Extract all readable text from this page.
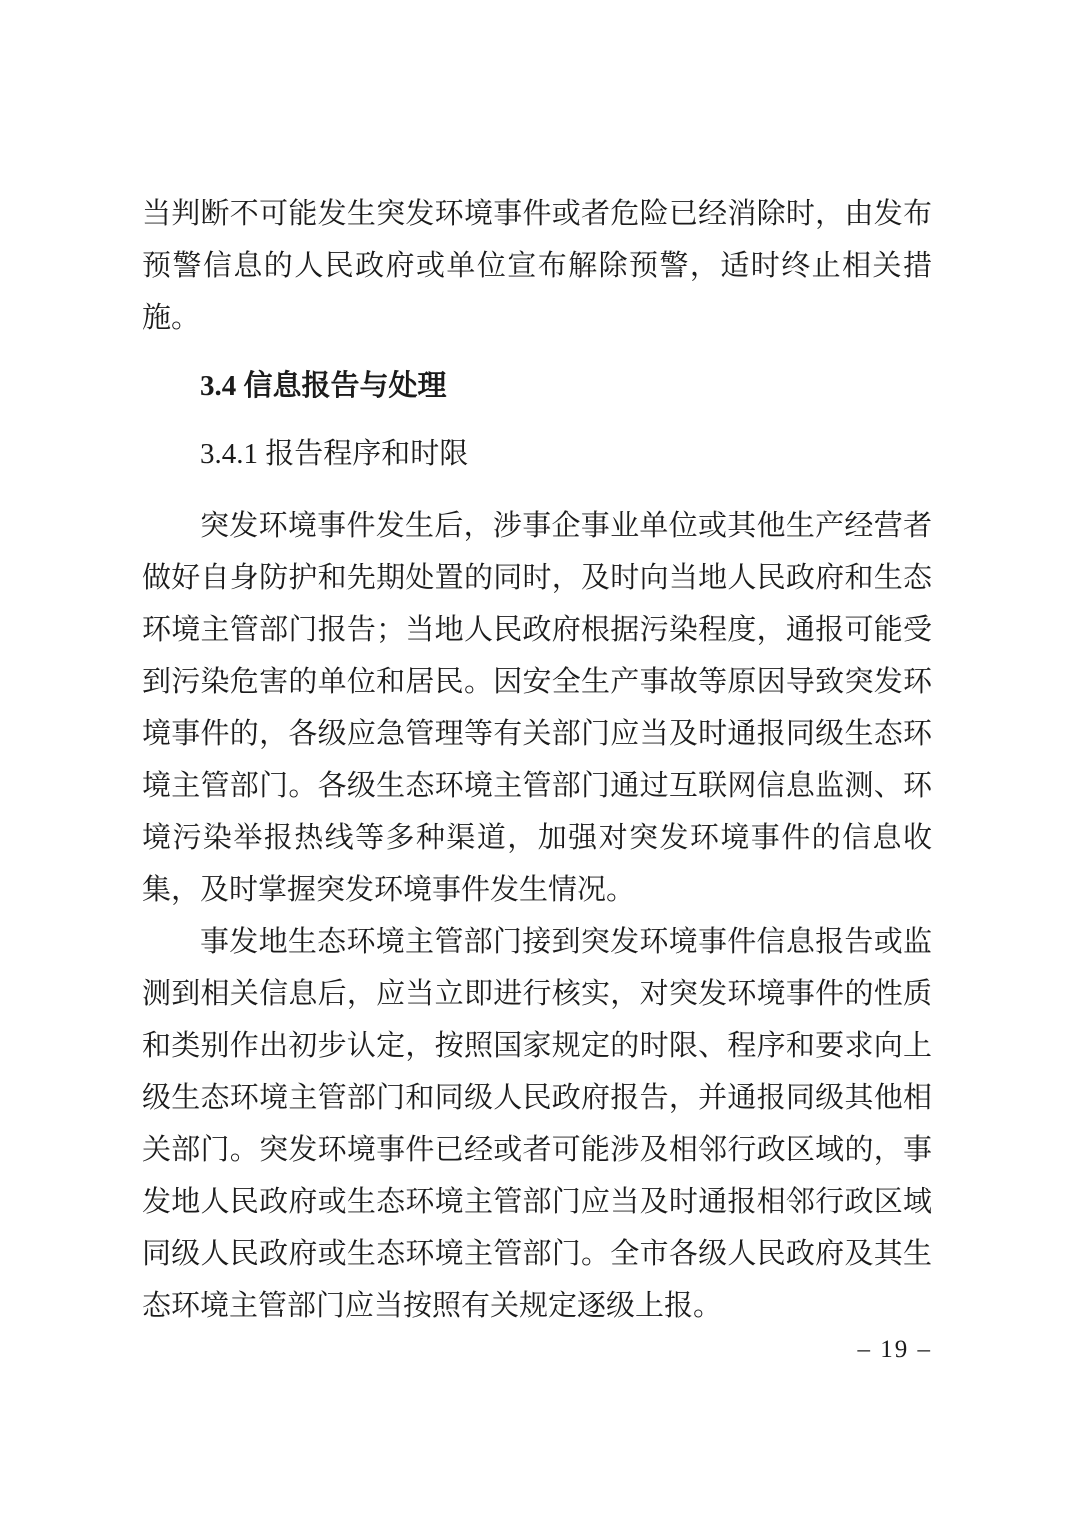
当判断不可能发生突发环境事件或者危险已经消除时，由发布预警信息的人民政府或单位宣布解除预警，适时终止相关措施。

3.4 信息报告与处理
3.4.1 报告程序和时限

突发环境事件发生后，涉事企事业单位或其他生产经营者做好自身防护和先期处置的同时，及时向当地人民政府和生态环境主管部门报告；当地人民政府根据污染程度，通报可能受到污染危害的单位和居民。因安全生产事故等原因导致突发环境事件的，各级应急管理等有关部门应当及时通报同级生态环境主管部门。各级生态环境主管部门通过互联网信息监测、环境污染举报热线等多种渠道，加强对突发环境事件的信息收集，及时掌握突发环境事件发生情况。

事发地生态环境主管部门接到突发环境事件信息报告或监测到相关信息后，应当立即进行核实，对突发环境事件的性质和类别作出初步认定，按照国家规定的时限、程序和要求向上级生态环境主管部门和同级人民政府报告，并通报同级其他相关部门。突发环境事件已经或者可能涉及相邻行政区域的，事发地人民政府或生态环境主管部门应当及时通报相邻行政区域同级人民政府或生态环境主管部门。全市各级人民政府及其生态环境主管部门应当按照有关规定逐级上报。

– 19 –
